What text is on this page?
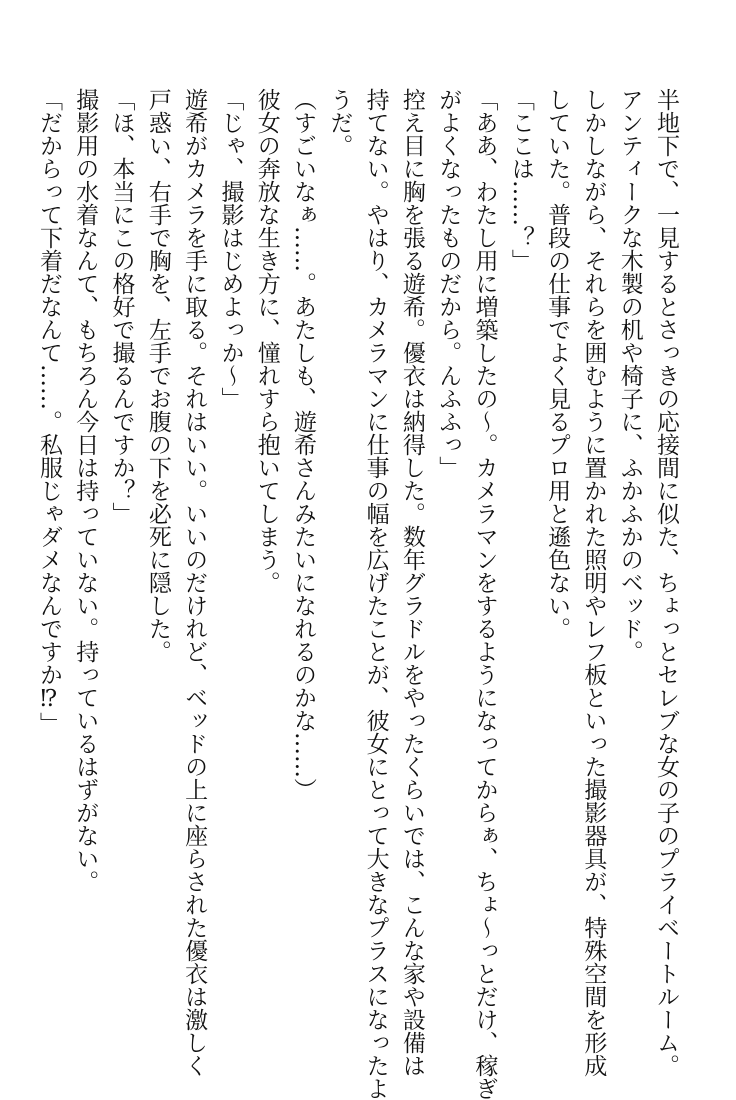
半地下で、一見するとさっきの応接間に似た、ちょっとセレブな女の子のプライベートルーム。

アンティークな木製の机や椅子に、ふかふかのベッド。

しかしながら、それらを囲むように置かれた照明やレフ板といった撮影器具が、特殊空間を形成

していた。普段の仕事でよく見るプロ用と遜色ない。

「ここは……？」

「ああ、わたし用に増築したの～。カメラマンをするようになってからぁ、ちょ～っとだけ、稼ぎ

がよくなったものだから。んふふっ」

控え目に胸を張る遊希。優衣は納得した。数年グラドルをやったくらいでは、こんな家や設備は

持てない。やはり、カメラマンに仕事の幅を広げたことが、彼女にとって大きなプラスになったよ

うだ。

（すごいなぁ……。あたしも、遊希さんみたいになれるのかな……）

彼女の奔放な生き方に、憧れすら抱いてしまう。

「じゃ、撮影はじめよっか～」

遊希がカメラを手に取る。それはいい。いいのだけれど、ベッドの上に座らされた優衣は激しく

戸惑い、右手で胸を、左手でお腹の下を必死に隠した。

「ほ、本当にこの格好で撮るんですか？」

撮影用の水着なんて、もちろん今日は持っていない。持っているはずがない。

「だからって下着だなんて……。私服じゃダメなんですか⁉」
